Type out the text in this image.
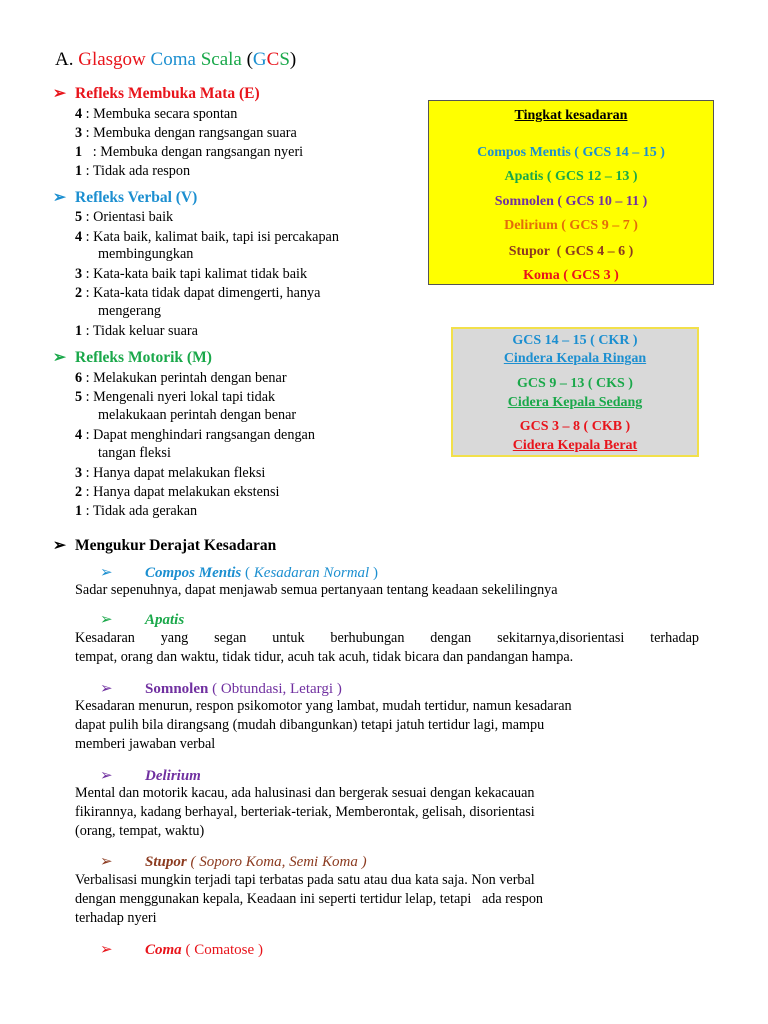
A. Glasgow Coma Scala (GCS)
➢ Refleks Membuka Mata (E)
4 : Membuka secara spontan
3 : Membuka dengan rangsangan suara
1   : Membuka dengan rangsangan nyeri
1 : Tidak ada respon
➢ Refleks Verbal (V)
5 : Orientasi baik
4 : Kata baik, kalimat baik, tapi isi percakapan
membingungkan
3 : Kata-kata baik tapi kalimat tidak baik
2 : Kata-kata tidak dapat dimengerti, hanya
mengerang
1 : Tidak keluar suara
➢ Refleks Motorik (M)
6 : Melakukan perintah dengan benar
5 : Mengenali nyeri lokal tapi tidak
melakukaan perintah dengan benar
4 : Dapat menghindari rangsangan dengan
tangan fleksi
3 : Hanya dapat melakukan fleksi
2 : Hanya dapat melakukan ekstensi
1 : Tidak ada gerakan
Tingkat kesadaran
Compos Mentis ( GCS 14 – 15 )
Apatis ( GCS 12 – 13 )
Somnolen ( GCS 10 – 11 )
Delirium ( GCS 9 – 7 )
Stupor  ( GCS 4 – 6 )
Koma ( GCS 3 )
GCS 14 – 15 ( CKR )
Cindera Kepala Ringan
GCS 9 – 13 ( CKS )
Cidera Kepala Sedang
GCS 3 – 8 ( CKB )
Cidera Kepala Berat
➢ Mengukur Derajat Kesadaran
➢ Compos Mentis ( Kesadaran Normal )
Sadar sepenuhnya, dapat menjawab semua pertanyaan tentang keadaan sekelilingnya
➢ Apatis
Kesadaran yang segan untuk berhubungan dengan sekitarnya,disorientasi terhadap
tempat, orang dan waktu, tidak tidur, acuh tak acuh, tidak bicara dan pandangan hampa.
➢ Somnolen ( Obtundasi, Letargi )
Kesadaran menurun, respon psikomotor yang lambat, mudah tertidur, namun kesadaran
dapat pulih bila dirangsang (mudah dibangunkan) tetapi jatuh tertidur lagi, mampu
memberi jawaban verbal
➢ Delirium
Mental dan motorik kacau, ada halusinasi dan bergerak sesuai dengan kekacauan
fikirannya, kadang berhayal, berteriak-teriak, Memberontak, gelisah, disorientasi
(orang, tempat, waktu)
➢ Stupor ( Soporo Koma, Semi Koma )
Verbalisasi mungkin terjadi tapi terbatas pada satu atau dua kata saja. Non verbal
dengan menggunakan kepala, Keadaan ini seperti tertidur lelap, tetapi   ada respon
terhadap nyeri
➢ Coma ( Comatose )
